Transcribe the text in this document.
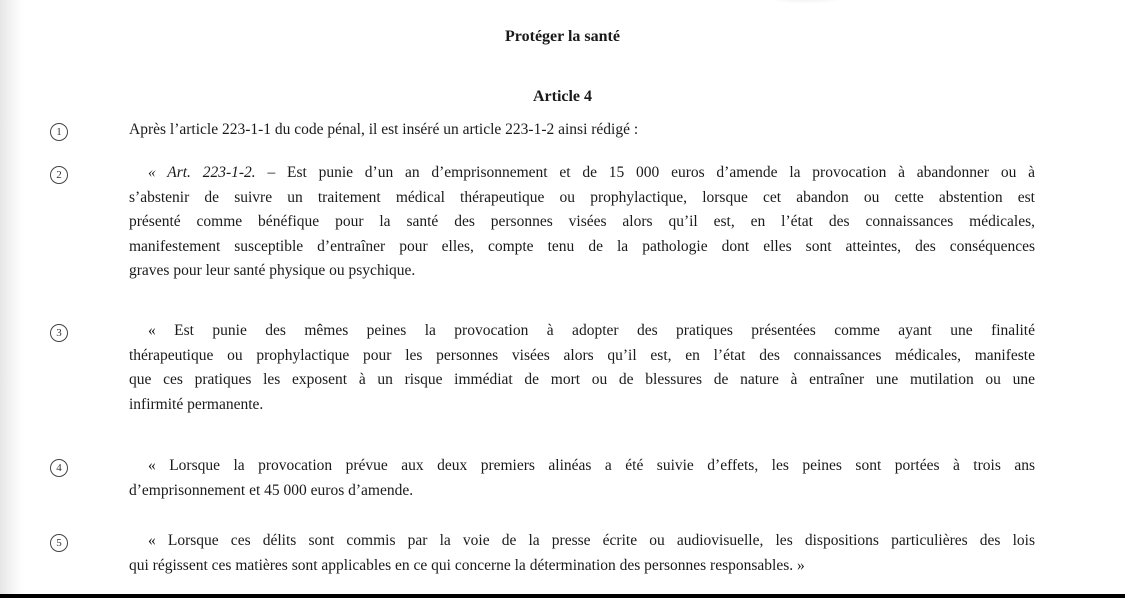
Protéger la santé
Article 4
1	Après l’article 223-1-1 du code pénal, il est inséré un article 223-1-2 ainsi rédigé :
2	« Art. 223-1-2. – Est punie d’un an d’emprisonnement et de 15 000 euros d’amende la provocation à abandonner ou à
s’abstenir de suivre un traitement médical thérapeutique ou prophylactique, lorsque cet abandon ou cette abstention est
présenté comme bénéfique pour la santé des personnes visées alors qu’il est, en l’état des connaissances médicales,
manifestement susceptible d’entraîner pour elles, compte tenu de la pathologie dont elles sont atteintes, des conséquences
graves pour leur santé physique ou psychique.
3	« Est punie des mêmes peines la provocation à adopter des pratiques présentées comme ayant une finalité
thérapeutique ou prophylactique pour les personnes visées alors qu’il est, en l’état des connaissances médicales, manifeste
que ces pratiques les exposent à un risque immédiat de mort ou de blessures de nature à entraîner une mutilation ou une
infirmité permanente.
4	« Lorsque la provocation prévue aux deux premiers alinéas a été suivie d’effets, les peines sont portées à trois ans
d’emprisonnement et 45 000 euros d’amende.
5	« Lorsque ces délits sont commis par la voie de la presse écrite ou audiovisuelle, les dispositions particulières des lois
qui régissent ces matières sont applicables en ce qui concerne la détermination des personnes responsables. »
